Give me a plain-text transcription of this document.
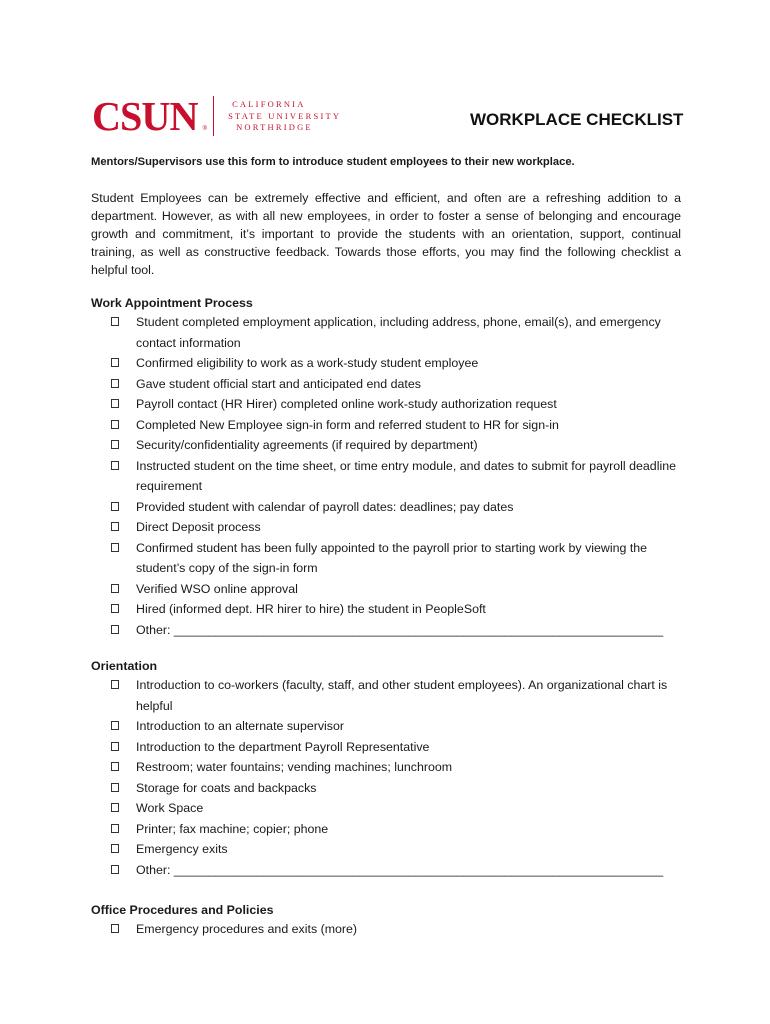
CSUN ®
CALIFORNIA
STATE UNIVERSITY
NORTHRIDGE	WORKPLACE CHECKLIST
Mentors/Supervisors use this form to introduce student employees to their new workplace.
Student Employees can be extremely effective and efficient, and often are a refreshing addition to a department. However, as with all new employees, in order to foster a sense of belonging and encourage growth and commitment, it’s important to provide the students with an orientation, support, continual training, as well as constructive feedback. Towards those efforts, you may find the following checklist a helpful tool.
Work Appointment Process
Student completed employment application, including address, phone, email(s), and emergency contact information
Confirmed eligibility to work as a work-study student employee
Gave student official start and anticipated end dates
Payroll contact (HR Hirer) completed online work-study authorization request
Completed New Employee sign-in form and referred student to HR for sign-in
Security/confidentiality agreements (if required by department)
Instructed student on the time sheet, or time entry module, and dates to submit for payroll deadline requirement
Provided student with calendar of payroll dates: deadlines; pay dates
Direct Deposit process
Confirmed student has been fully appointed to the payroll prior to starting work by viewing the student’s copy of the sign-in form
Verified WSO online approval
Hired (informed dept. HR hirer to hire) the student in PeopleSoft
Other: _______________________________________________________________________
Orientation
Introduction to co-workers (faculty, staff, and other student employees). An organizational chart is helpful
Introduction to an alternate supervisor
Introduction to the department Payroll Representative
Restroom; water fountains; vending machines; lunchroom
Storage for coats and backpacks
Work Space
Printer; fax machine; copier; phone
Emergency exits
Other: _______________________________________________________________________
Office Procedures and Policies
Emergency procedures and exits (more)
